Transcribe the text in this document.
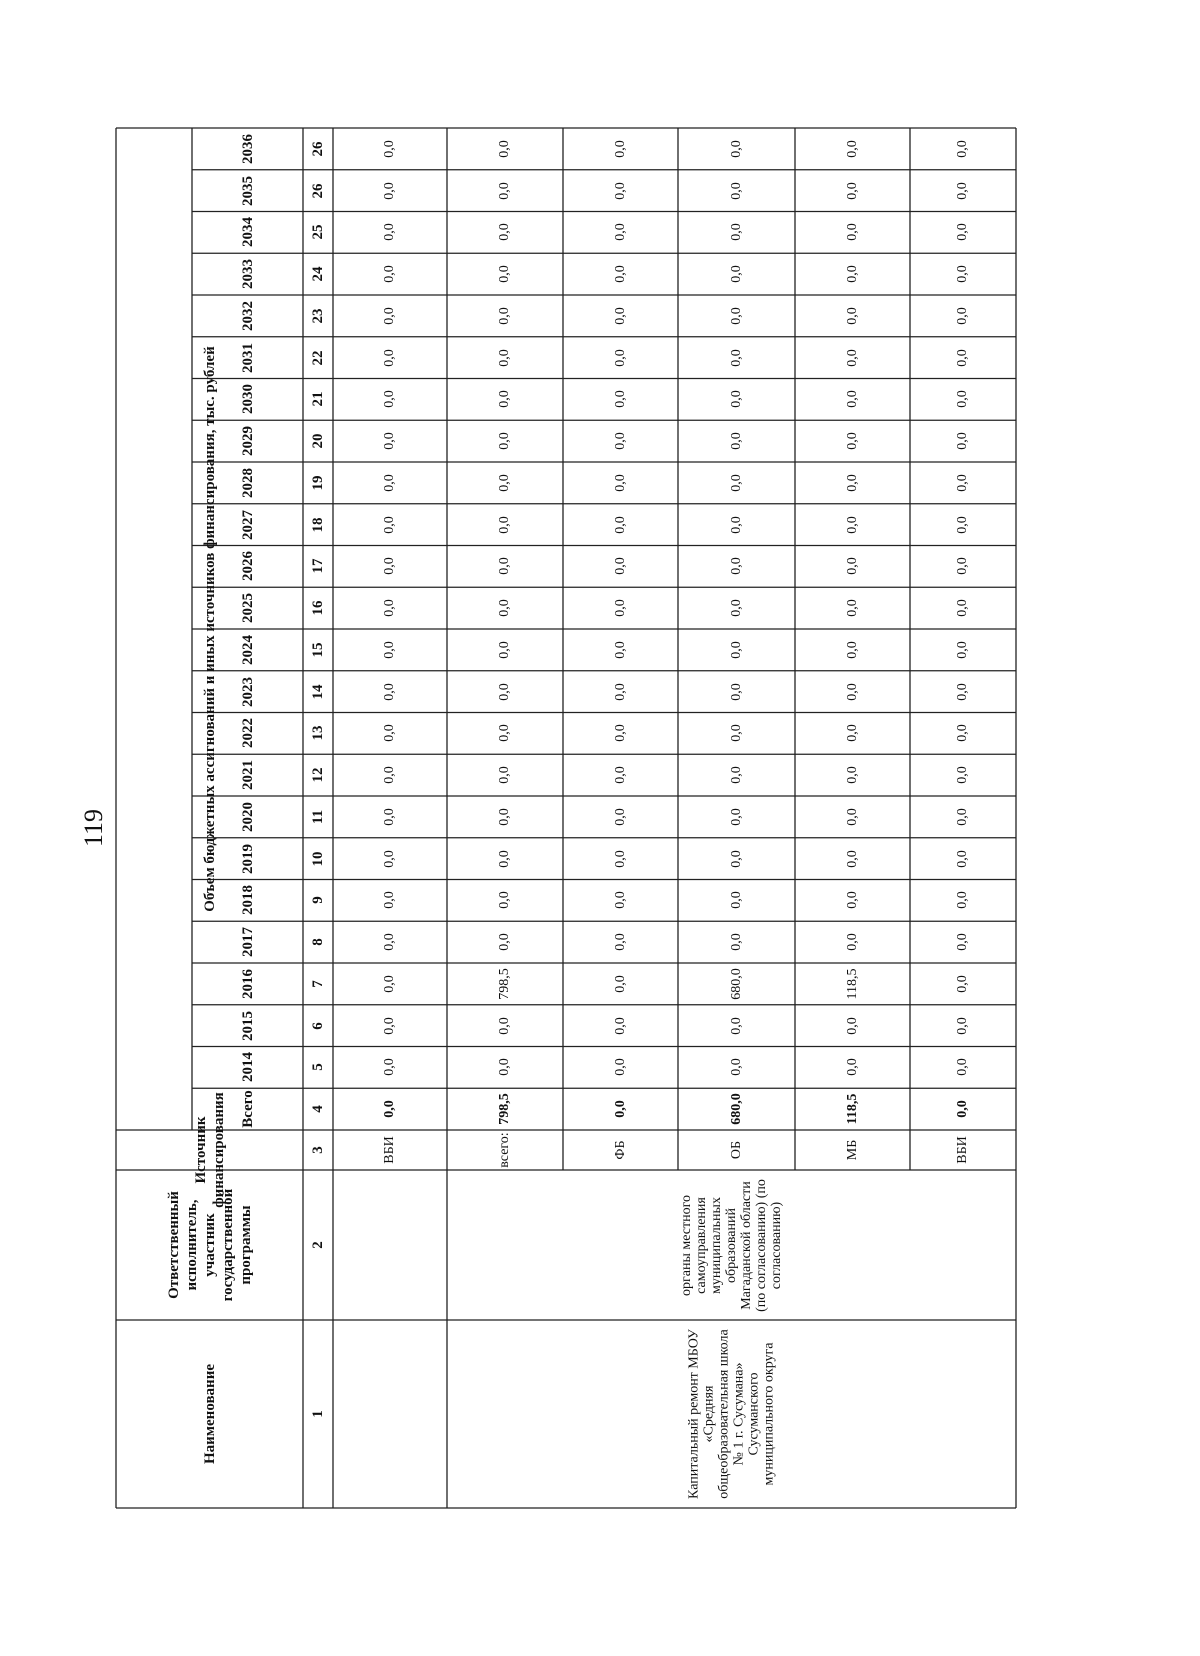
119	Объем бюджетных ассигнований и иных источников финансирования, тыс. рублей
Источник финансирования
Ответственный исполнитель, участник государственной программы
Наименование
Всего
2014
2015
2016
2017
2018
2019
2020
2021
2022
2023
2024
2025
2026
2027
2028
2029
2030
2031
2032
2033
2034
2035
2036
1
2
3
4
5
6
7
8
9
10
11
12
13
14
15
16
17
18
19
20
21
22
23
24
25
26
26
ВБИ
0,0
0,0
0,0
0,0
0,0
0,0
0,0
0,0
0,0
0,0
0,0
0,0
0,0
0,0
0,0
0,0
0,0
0,0
0,0
0,0
0,0
0,0
0,0
0,0
всего:
798,5
0,0
0,0
798,5
0,0
0,0
0,0
0,0
0,0
0,0
0,0
0,0
0,0
0,0
0,0
0,0
0,0
0,0
0,0
0,0
0,0
0,0
0,0
0,0
ФБ
0,0
0,0
0,0
0,0
0,0
0,0
0,0
0,0
0,0
0,0
0,0
0,0
0,0
0,0
0,0
0,0
0,0
0,0
0,0
0,0
0,0
0,0
0,0
0,0
ОБ
680,0
0,0
0,0
680,0
0,0
0,0
0,0
0,0
0,0
0,0
0,0
0,0
0,0
0,0
0,0
0,0
0,0
0,0
0,0
0,0
0,0
0,0
0,0
0,0
МБ
118,5
0,0
0,0
118,5
0,0
0,0
0,0
0,0
0,0
0,0
0,0
0,0
0,0
0,0
0,0
0,0
0,0
0,0
0,0
0,0
0,0
0,0
0,0
0,0
ВБИ
0,0
0,0
0,0
0,0
0,0
0,0
0,0
0,0
0,0
0,0
0,0
0,0
0,0
0,0
0,0
0,0
0,0
0,0
0,0
0,0
0,0
0,0
0,0
0,0
Капитальный ремонт МБОУ «Средняя общеобразовательная школа № 1 г. Сусумана» Сусуманского муниципального округа
органы местного самоуправления муниципальных образований Магаданской области (по согласованию) (по согласованию)
